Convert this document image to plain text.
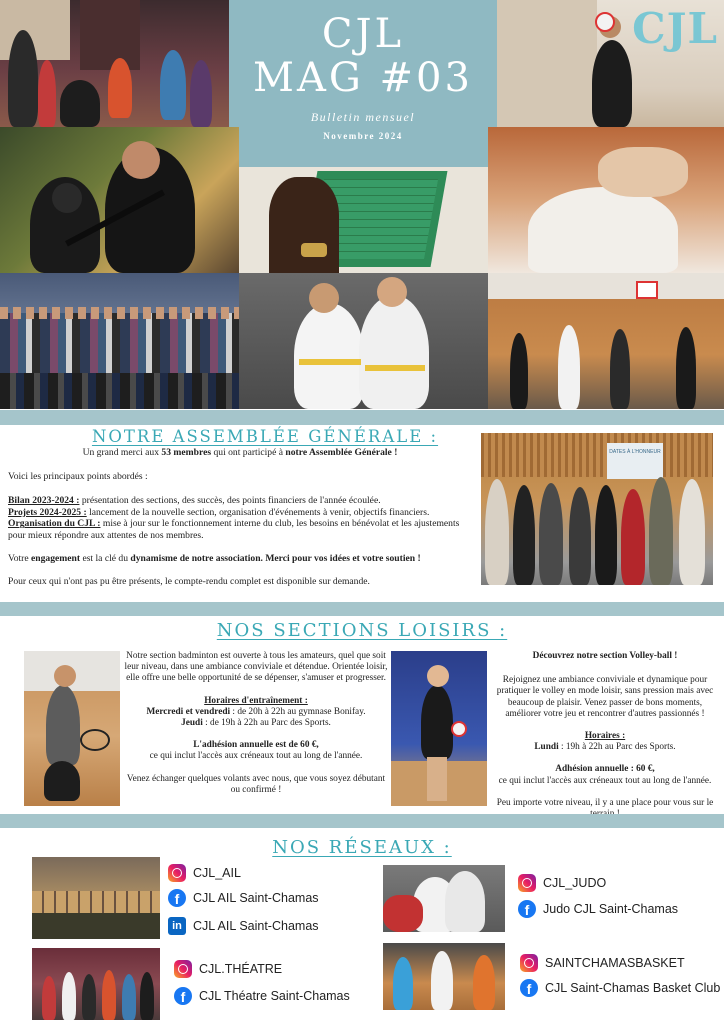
CJL
MAG #03
Bulletin mensuel
Novembre 2024
CJL
NOTRE ASSEMBLÉE GÉNÉRALE :

Un grand merci aux 53 membres qui ont participé à notre Assemblée Générale !

Voici les principaux points abordés :

Bilan 2023-2024 : présentation des sections, des succès, des points financiers de l'année écoulée.
Projets 2024-2025 : lancement de la nouvelle section, organisation d'événements à venir, objectifs financiers.
Organisation du CJL : mise à jour sur le fonctionnement interne du club, les besoins en bénévolat et les ajustements pour mieux répondre aux attentes de nos membres.

Votre engagement est la clé du dynamisme de notre association. Merci pour vos idées et votre soutien !

Pour ceux qui n'ont pas pu être présents, le compte-rendu complet est disponible sur demande.

DATES À L'HONNEUR
NOS SECTIONS LOISIRS :

Notre section badminton est ouverte à tous les amateurs, quel que soit leur niveau, dans une ambiance conviviale et détendue. Orientée loisir, elle offre une belle opportunité de se dépenser, s'amuser et progresser.

Horaires d'entraînement :
Mercredi et vendredi : de 20h à 22h au gymnase Bonifay.
Jeudi : de 19h à 22h au Parc des Sports.
L'adhésion annuelle est de 60 €,
ce qui inclut l'accès aux créneaux tout au long de l'année.

Venez échanger quelques volants avec nous, que vous soyez débutant ou confirmé !

Découvrez notre section Volley-ball !

Rejoignez une ambiance conviviale et dynamique pour pratiquer le volley en mode loisir, sans pression mais avec beaucoup de plaisir. Venez passer de bons moments, améliorer votre jeu et rencontrer d'autres passionnés !

Horaires :
Lundi : 19h à 22h au Parc des Sports.
Adhésion annuelle : 60 €,
ce qui inclut l'accès aux créneaux tout au long de l'année.

Peu importe votre niveau, il y a une place pour vous sur le

NOS RÉSEAUX :
CJL_AIL
f	CJL AIL Saint-Chamas
in CJL AIL Saint-Chamas
CJL_JUDO
f	Judo CJL Saint-Chamas
CJL.THÉATRE
f	CJL Théatre Saint-Chamas
SAINTCHAMASBASKET
f	CJL Saint-Chamas Basket Club
